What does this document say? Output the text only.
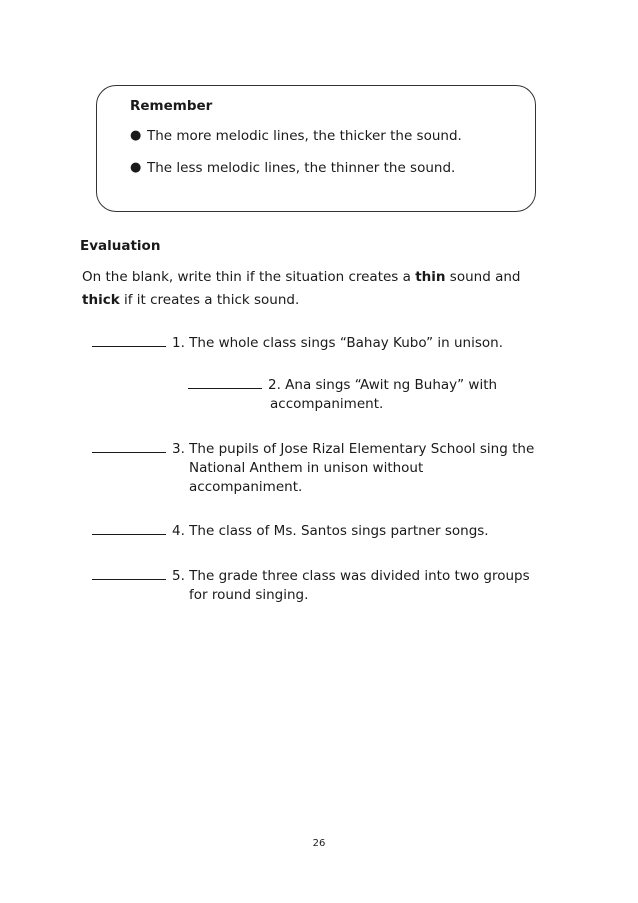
Remember

● The more melodic lines, the thicker the sound.
● The less melodic lines, the thinner the sound.

Evaluation

On the blank, write thin if the situation creates a thin sound and
thick if it creates a thick sound.

1. The whole class sings “Bahay Kubo” in unison.
2. Ana sings “Awit ng Buhay” with
accompaniment.
3. The pupils of Jose Rizal Elementary School sing the
National Anthem in unison without
accompaniment.
4. The class of Ms. Santos sings partner songs.
5. The grade three class was divided into two groups
for round singing.
26
